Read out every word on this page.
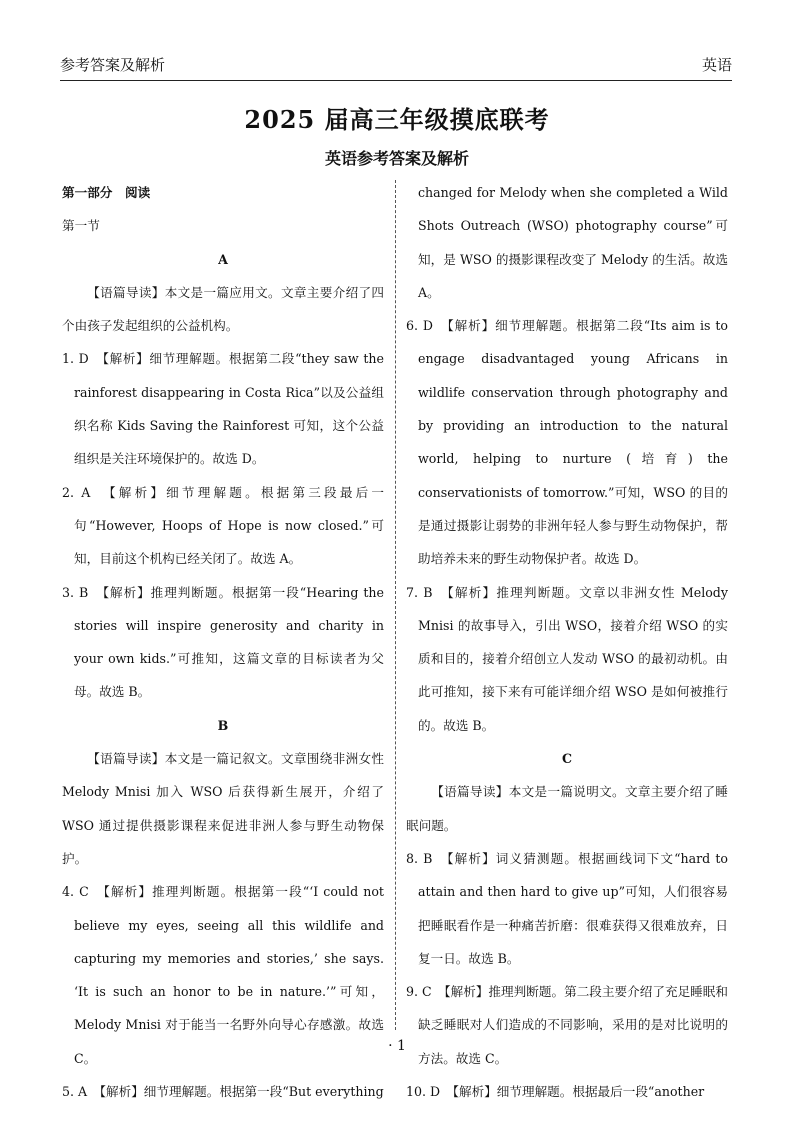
参考答案及解析	英语
2025 届高三年级摸底联考
英语参考答案及解析

第一部分　阅读

第一节

A

【语篇导读】本文是一篇应用文。文章主要介绍了四个由孩子发起组织的公益机构。

1. D　【解析】细节理解题。根据第二段“they saw the rainforest disappearing in Costa Rica”以及公益组织名称 Kids Saving the Rainforest 可知，这个公益组织是关注环境保护的。故选 D。

2. A　【解析】细节理解题。根据第三段最后一句“However, Hoops of Hope is now closed.”可知，目前这个机构已经关闭了。故选 A。

3. B　【解析】推理判断题。根据第一段“Hearing the stories will inspire generosity and charity in your own kids.”可推知，这篇文章的目标读者为父母。故选 B。

B

【语篇导读】本文是一篇记叙文。文章围绕非洲女性 Melody Mnisi 加入 WSO 后获得新生展开，介绍了 WSO 通过提供摄影课程来促进非洲人参与野生动物保护。

4. C　【解析】推理判断题。根据第一段“‘I could not believe my eyes, seeing all this wildlife and capturing my memories and stories,’ she says. ‘It is such an honor to be in nature.’”可知，Melody Mnisi 对于能当一名野外向导心存感激。故选 C。

5. A　【解析】细节理解题。根据第一段“But everything

changed for Melody when she completed a Wild Shots Outreach (WSO) photography course”可知，是 WSO 的摄影课程改变了 Melody 的生活。故选 A。

6. D　【解析】细节理解题。根据第二段“Its aim is to engage disadvantaged young Africans in wildlife conservation through photography and by providing an introduction to the natural world, helping to nurture (培育) the conservationists of tomorrow.”可知，WSO 的目的是通过摄影让弱势的非洲年轻人参与野生动物保护，帮助培养未来的野生动物保护者。故选 D。

7. B　【解析】推理判断题。文章以非洲女性 Melody Mnisi 的故事导入，引出 WSO，接着介绍 WSO 的实质和目的，接着介绍创立人发动 WSO 的最初动机。由此可推知，接下来有可能详细介绍 WSO 是如何被推行的。故选 B。

C

【语篇导读】本文是一篇说明文。文章主要介绍了睡眠问题。

8. B　【解析】词义猜测题。根据画线词下文“hard to attain and then hard to give up”可知，人们很容易把睡眠看作是一种痛苦折磨：很难获得又很难放弃，日复一日。故选 B。

9. C　【解析】推理判断题。第二段主要介绍了充足睡眠和缺乏睡眠对人们造成的不同影响，采用的是对比说明的方法。故选 C。

10. D　【解析】细节理解题。根据最后一段“another

· 1
